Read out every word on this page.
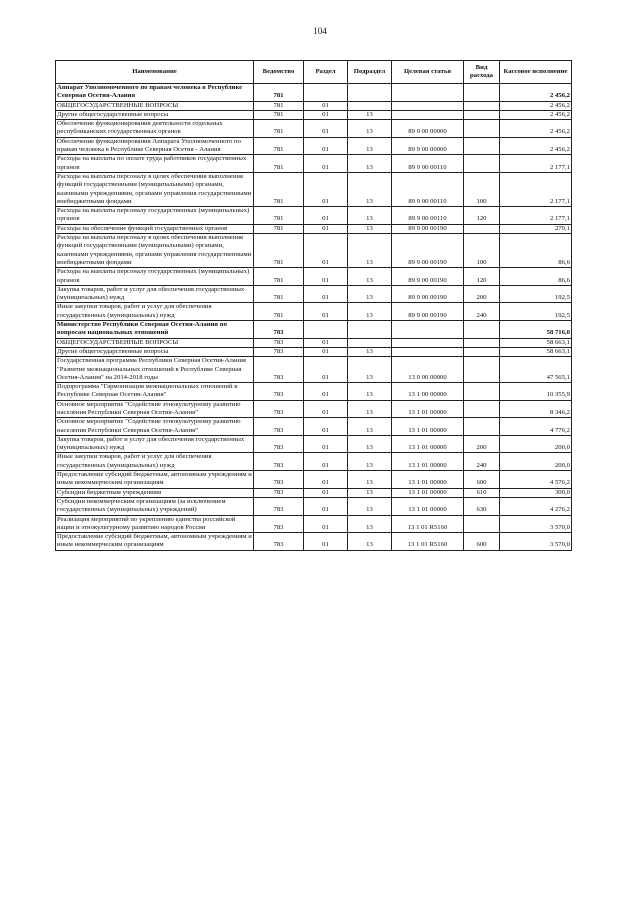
104
Наименование	Ведомство	Раздел	Подраздел	Целевая статья	Вид расхода	Кассовое исполнение
Аппарат Уполномоченного по правам человека в Республике Северная Осетия-Алания	781					2 456,2
ОБЩЕГОСУДАРСТВЕННЫЕ ВОПРОСЫ	781	01				2 456,2
Другие общегосударственные вопросы	781	01	13			2 456,2
Обеспечение функционирования деятельности отдельных республиканских государственных органов	781	01	13	89 0 00 00000		2 456,2
Обеспечение функционирования Аппарата Уполномоченного по правам человека в Республике Северная Осетия - Алания	781	01	13	89 9 00 00000		2 456,2
Расходы на выплаты по оплате труда работников государственных органов	781	01	13	89 9 00 00110		2 177,1
Расходы на выплаты персоналу в целях обеспечения выполнения функций государственными (муниципальными) органами, казенными учреждениями, органами управления государственными внебюджетными фондами	781	01	13	89 9 00 00110	100	2 177,1
Расходы на выплаты персоналу государственных (муниципальных) органов	781	01	13	89 9 00 00110	120	2 177,1
Расходы на обеспечение функций государственных органов	781	01	13	89 9 00 00190		279,1
Расходы на выплаты персоналу в целях обеспечения выполнения функций государственными (муниципальными) органами, казенными учреждениями, органами управления государственными внебюджетными фондами	781	01	13	89 9 00 00190	100	86,6
Расходы на выплаты персоналу государственных (муниципальных) органов	781	01	13	89 9 00 00190	120	86,6
Закупка товаров, работ и услуг для обеспечения государственных (муниципальных) нужд	781	01	13	89 9 00 00190	200	192,5
Иные закупки товаров, работ и услуг для обеспечения государственных (муниципальных) нужд	781	01	13	89 9 00 00190	240	192,5
Министерство Республики Северная Осетия-Алания по вопросам национальных отношений	783					58 716,0
ОБЩЕГОСУДАРСТВЕННЫЕ ВОПРОСЫ	783	01				58 663,1
Другие общегосударственные вопросы	783	01	13			58 663,1
Государственная программа Республики Северная Осетия-Алания "Развитие межнациональных отношений в Республике Северная Осетия-Алания" на 2014-2018 годы	783	01	13	13 0 00 00000		47 565,1
Подпрограмма "Гармонизация межнациональных отношений в Республике Северная Осетия-Алания"	783	01	13	13 1 00 00000		10 355,9
Основное мероприятие "Содействие этнокультурному развитию населения Республики Северная Осетия-Алания"	783	01	13	13 1 01 00000		8 346,2
Основное мероприятие "Содействие этнокультурному развитию населения Республики Северная Осетия-Алания"	783	01	13	13 1 01 00000		4 776,2
Закупка товаров, работ и услуг для обеспечения государственных (муниципальных) нужд	783	01	13	13 1 01 00000	200	200,0
Иные закупки товаров, работ и услуг для обеспечения государственных (муниципальных) нужд	783	01	13	13 1 01 00000	240	200,0
Предоставление субсидий бюджетным, автономным учреждениям и иным некоммерческим организациям	783	01	13	13 1 01 00000	600	4 576,2
Субсидии бюджетным учреждениям	783	01	13	13 1 01 00000	610	300,0
Субсидии некоммерческим организациям (за исключением государственных (муниципальных) учреждений)	783	01	13	13 1 01 00000	630	4 276,2
Реализация мероприятий по укреплению единства российской нации и этнокультурному развитию народов России	783	01	13	13 1 01 R5160		3 570,0
Предоставление субсидий бюджетным, автономным учреждениям и иным некоммерческим организациям	783	01	13	13 1 01 R5160	600	3 570,0
